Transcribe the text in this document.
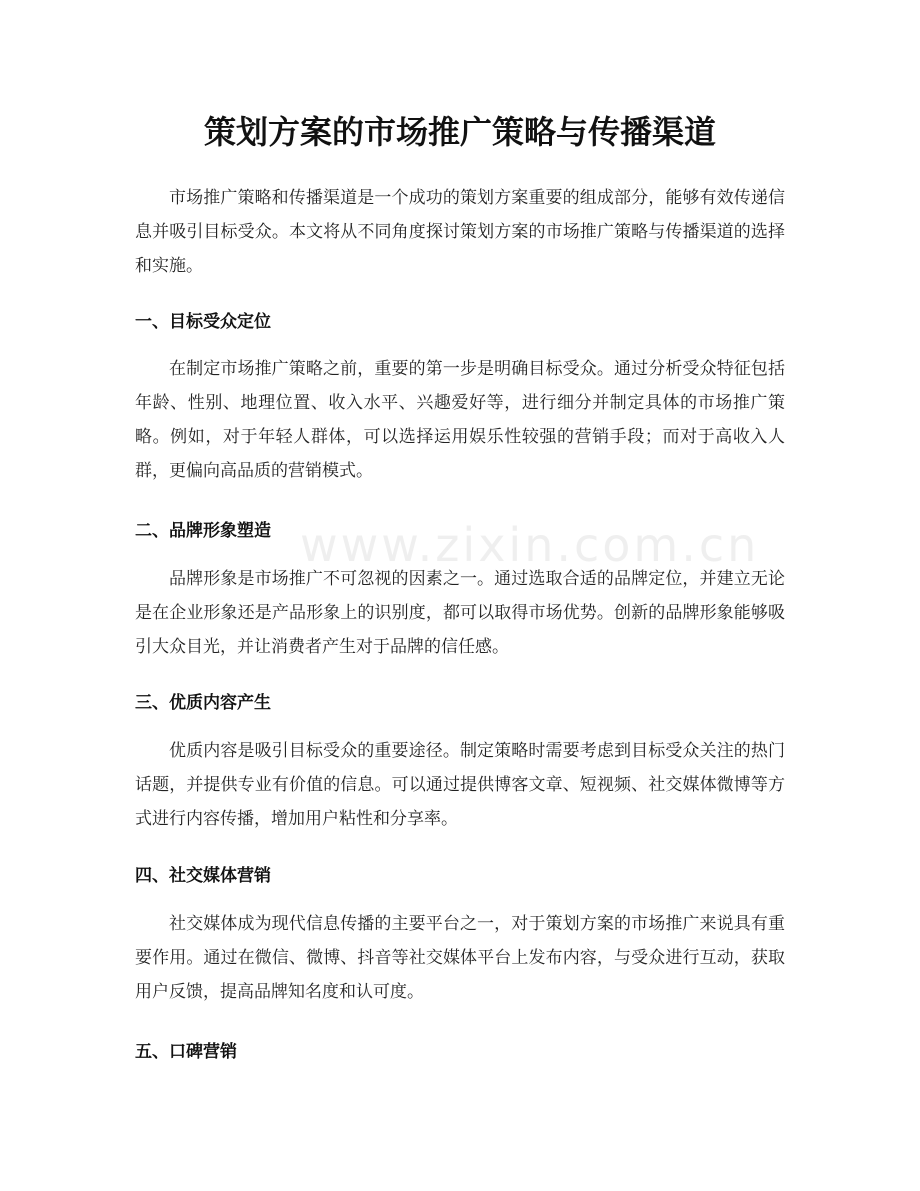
www.zixin.com.cn
策划方案的市场推广策略与传播渠道

市场推广策略和传播渠道是一个成功的策划方案重要的组成部分，能够有效传递信息并吸引目标受众。本文将从不同角度探讨策划方案的市场推广策略与传播渠道的选择和实施。

一、目标受众定位

在制定市场推广策略之前，重要的第一步是明确目标受众。通过分析受众特征包括年龄、性别、地理位置、收入水平、兴趣爱好等，进行细分并制定具体的市场推广策略。例如，对于年轻人群体，可以选择运用娱乐性较强的营销手段；而对于高收入人群，更偏向高品质的营销模式。

二、品牌形象塑造

品牌形象是市场推广不可忽视的因素之一。通过选取合适的品牌定位，并建立无论是在企业形象还是产品形象上的识别度，都可以取得市场优势。创新的品牌形象能够吸引大众目光，并让消费者产生对于品牌的信任感。

三、优质内容产生

优质内容是吸引目标受众的重要途径。制定策略时需要考虑到目标受众关注的热门话题，并提供专业有价值的信息。可以通过提供博客文章、短视频、社交媒体微博等方式进行内容传播，增加用户粘性和分享率。

四、社交媒体营销

社交媒体成为现代信息传播的主要平台之一，对于策划方案的市场推广来说具有重要作用。通过在微信、微博、抖音等社交媒体平台上发布内容，与受众进行互动，获取用户反馈，提高品牌知名度和认可度。

五、口碑营销
